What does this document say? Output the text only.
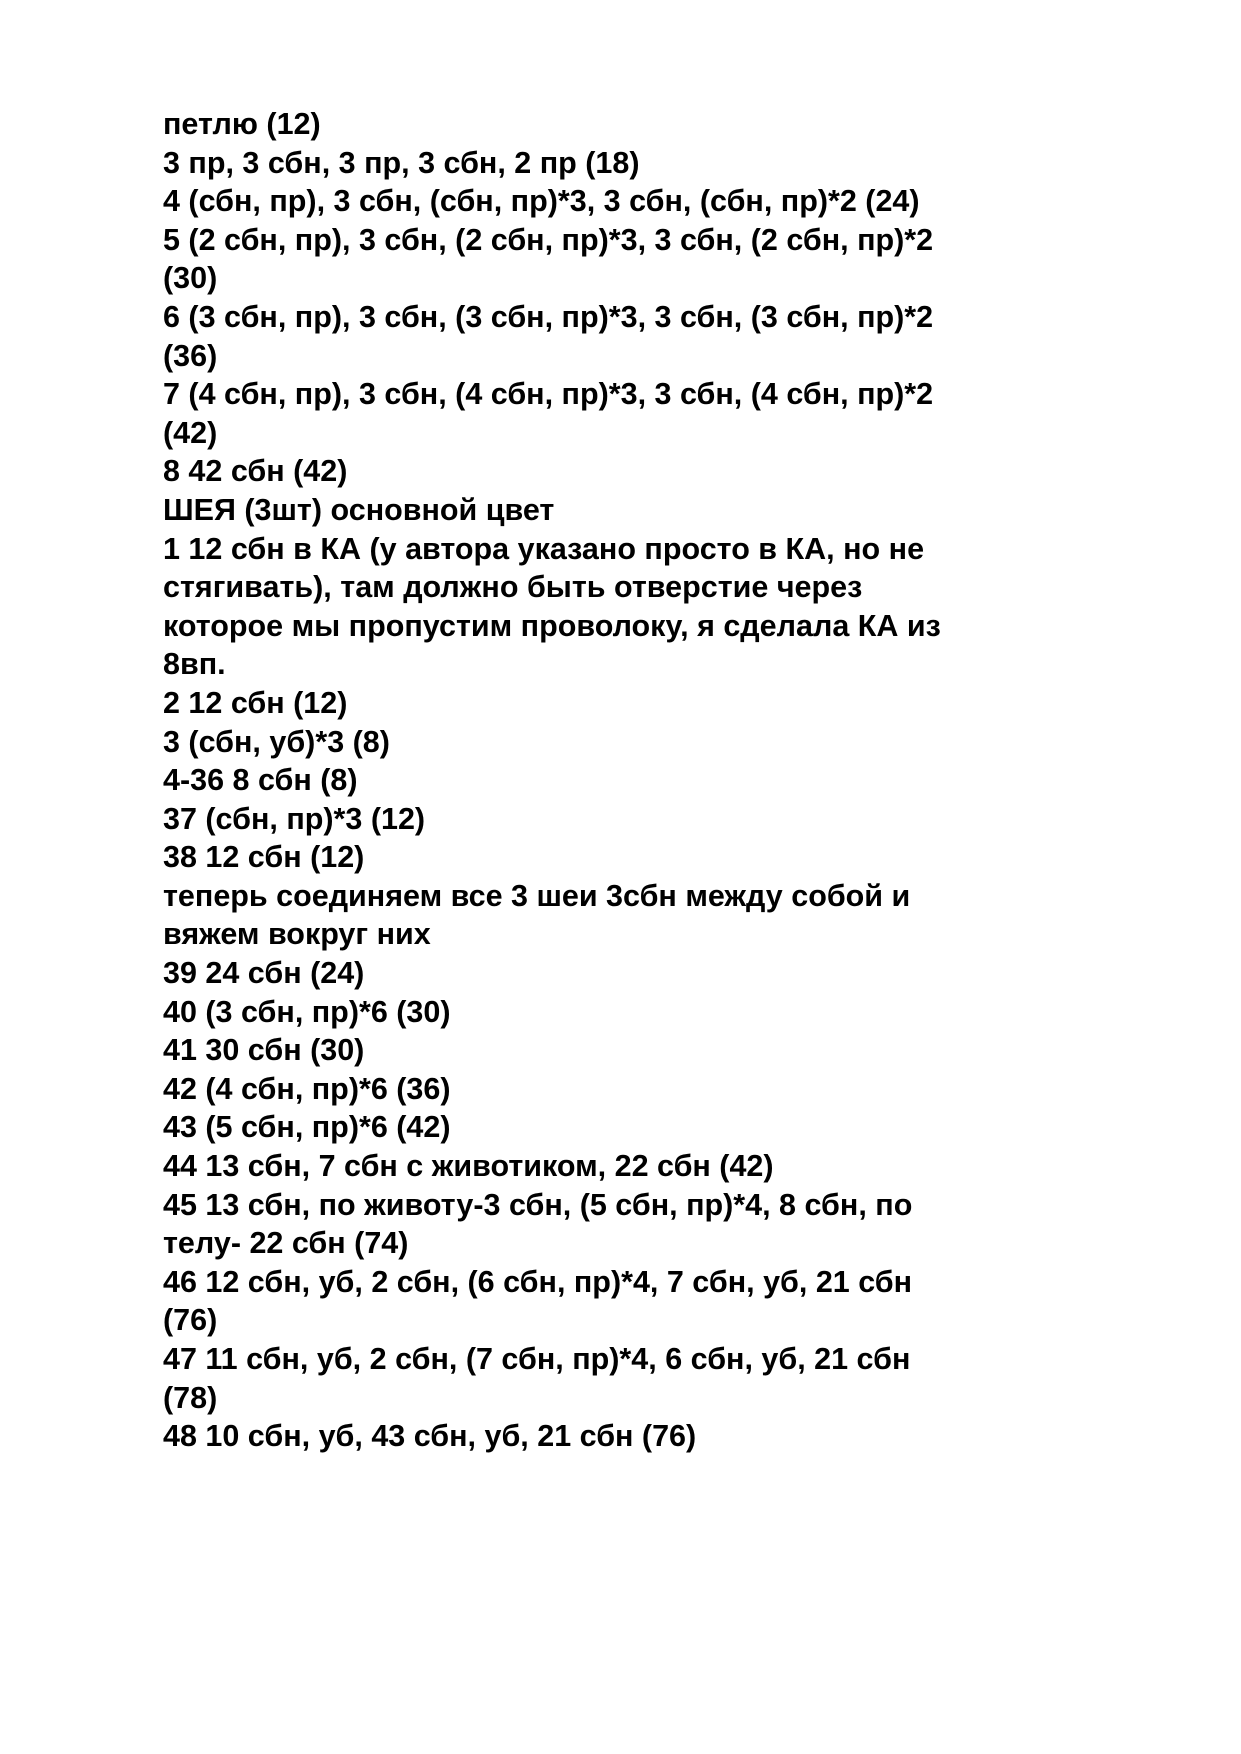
петлю (12)

3 пр, 3 сбн, 3 пр, 3 сбн, 2 пр (18)

4 (сбн, пр), 3 сбн, (сбн, пр)*3, 3 сбн, (сбн, пр)*2 (24)

5 (2 сбн, пр), 3 сбн, (2 сбн, пр)*3, 3 сбн, (2 сбн, пр)*2

(30)

6 (3 сбн, пр), 3 сбн, (3 сбн, пр)*3, 3 сбн, (3 сбн, пр)*2

(36)

7 (4 сбн, пр), 3 сбн, (4 сбн, пр)*3, 3 сбн, (4 сбн, пр)*2

(42)

8 42 сбн (42)

ШЕЯ (3шт) основной цвет

1 12 сбн в КА (у автора указано просто в КА, но не

стягивать), там должно быть отверстие через

которое мы пропустим проволоку, я сделала КА из

8вп.

2 12 сбн (12)

3 (сбн, уб)*3 (8)

4-36 8 сбн (8)

37 (сбн, пр)*3 (12)

38 12 сбн (12)

теперь соединяем все 3 шеи 3сбн между собой и

вяжем вокруг них

39 24 сбн (24)

40 (3 сбн, пр)*6 (30)

41 30 сбн (30)

42 (4 сбн, пр)*6 (36)

43 (5 сбн, пр)*6 (42)

44 13 сбн, 7 сбн с животиком, 22 сбн (42)

45 13 сбн, по животу-3 сбн, (5 сбн, пр)*4, 8 сбн, по

телу- 22 сбн (74)

46 12 сбн, уб, 2 сбн, (6 сбн, пр)*4, 7 сбн, уб, 21 сбн

(76)

47 11 сбн, уб, 2 сбн, (7 сбн, пр)*4, 6 сбн, уб, 21 сбн

(78)

48 10 сбн, уб, 43 сбн, уб, 21 сбн (76)
